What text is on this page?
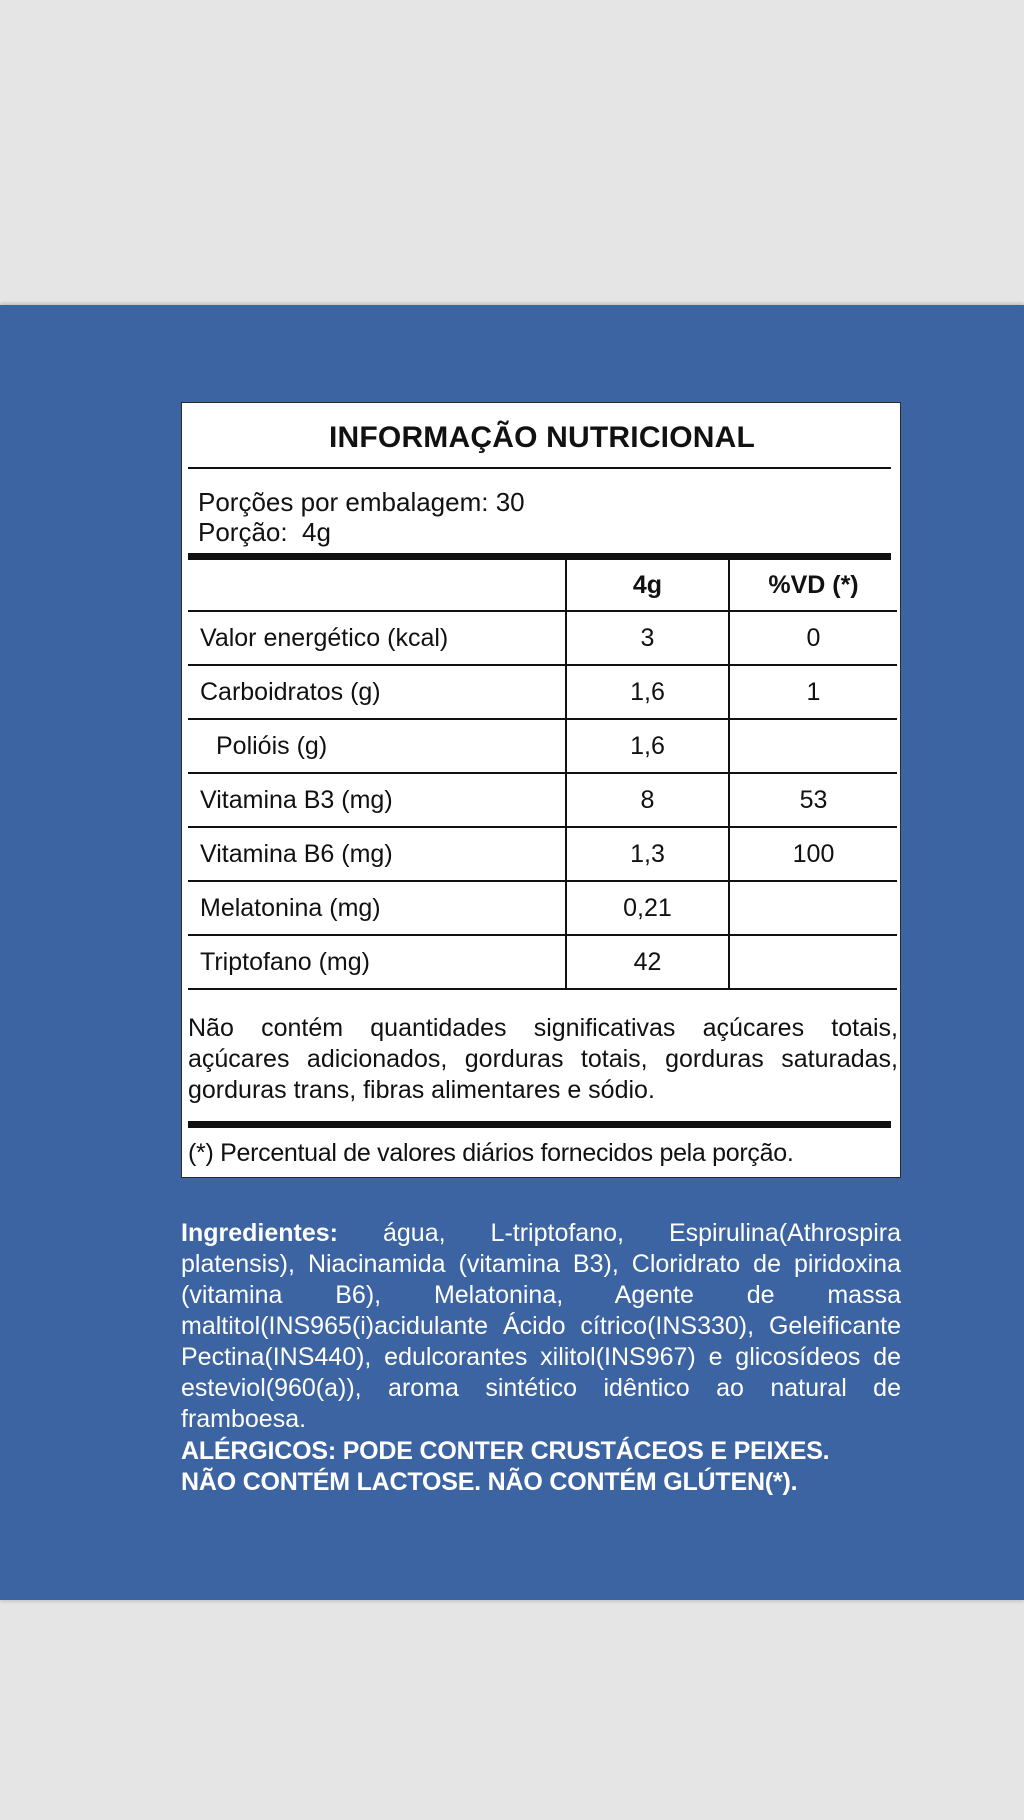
INFORMAÇÃO NUTRICIONAL
Porções por embalagem: 30
Porção:  4g
	4g	%VD (*)
Valor energético (kcal)	3	0
Carboidratos (g)	1,6	1
Polióis (g)	1,6	
Vitamina B3 (mg)	8	53
Vitamina B6 (mg)	1,3	100
Melatonina (mg)	0,21	
Triptofano (mg)	42	
Não contém quantidades significativas açúcares totais, açúcares adicionados, gorduras totais, gorduras saturadas, gorduras trans, fibras alimentares e sódio.
(*) Percentual de valores diários fornecidos pela porção.
Ingredientes: água, L-triptofano, Espirulina(Athrospira platensis), Niacinamida (vitamina B3), Cloridrato de piridoxina (vitamina B6), Melatonina, Agente de massa maltitol(INS965(i)acidulante Ácido cítrico(INS330), Geleificante Pectina(INS440), edulcorantes xilitol(INS967) e glicosídeos de esteviol(960(a)), aroma sintético idêntico ao natural de framboesa.
ALÉRGICOS: PODE CONTER CRUSTÁCEOS E PEIXES.
NÃO CONTÉM LACTOSE. NÃO CONTÉM GLÚTEN(*).
